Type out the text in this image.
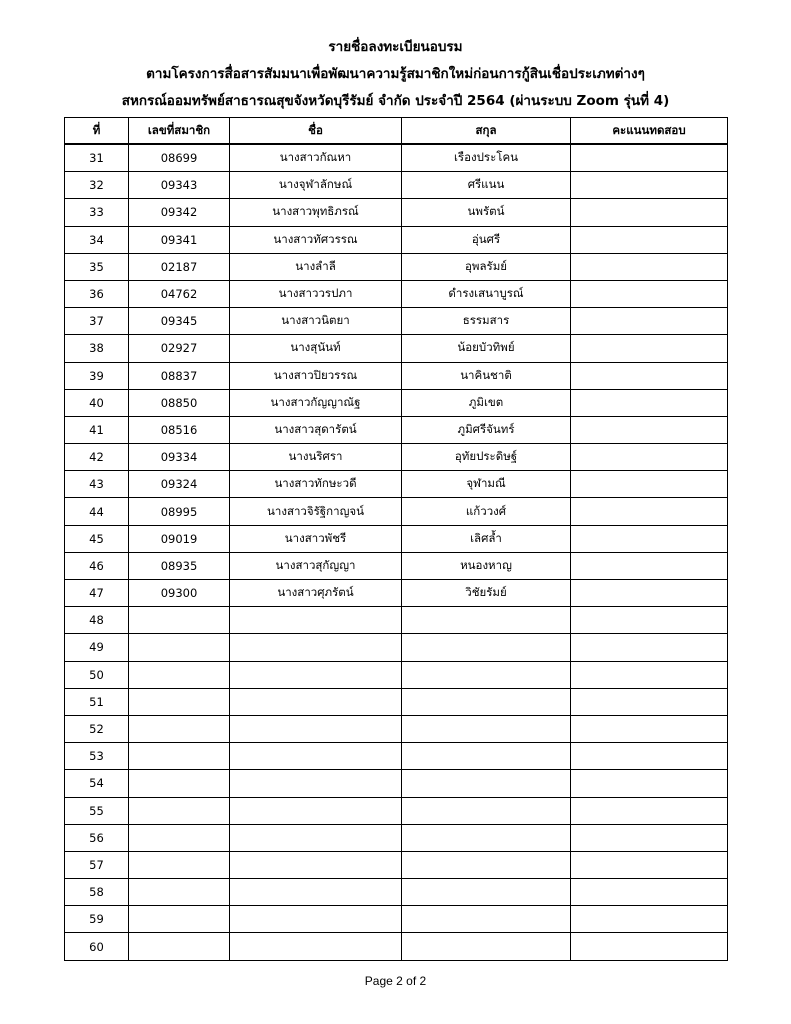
รายชื่อลงทะเบียนอบรม
ตามโครงการสื่อสารสัมมนาเพื่อพัฒนาความรู้สมาชิกใหม่ก่อนการกู้สินเชื่อประเภทต่างๆ
สหกรณ์ออมทรัพย์สาธารณสุขจังหวัดบุรีรัมย์ จำกัด ประจำปี 2564 (ผ่านระบบ Zoom รุ่นที่ 4)
ที่	เลขที่สมาชิก	ชื่อ	สกุล	คะแนนทดสอบ
31	08699	นางสาวกัณหา	เรืองประโคน	
32	09343	นางจุฬาลักษณ์	ศรีแนน	
33	09342	นางสาวพุทธิภรณ์	นพรัตน์	
34	09341	นางสาวทัศวรรณ	อุ่นศรี	
35	02187	นางลำลี	อุพลรัมย์	
36	04762	นางสาววรปภา	ดำรงเสนาบูรณ์	
37	09345	นางสาวนิตยา	ธรรมสาร	
38	02927	นางสุนันท์	น้อยบัวทิพย์	
39	08837	นางสาวปิยวรรณ	นาคินชาติ	
40	08850	นางสาวกัญญาณัฐ	ภูมิเขต	
41	08516	นางสาวสุดารัตน์	ภูมิศรีจันทร์	
42	09334	นางนริศรา	อุทัยประดิษฐ์	
43	09324	นางสาวทักษะวดี	จุฬามณี	
44	08995	นางสาวจิรัฐิกาญจน์	แก้ววงศ์	
45	09019	นางสาวพัชรี	เลิศล้ำ	
46	08935	นางสาวสุกัญญา	หนองหาญ	
47	09300	นางสาวศุภรัตน์	วิชัยรัมย์	
48				
49				
50				
51				
52				
53				
54				
55				
56				
57				
58				
59				
60				
Page 2 of 2
